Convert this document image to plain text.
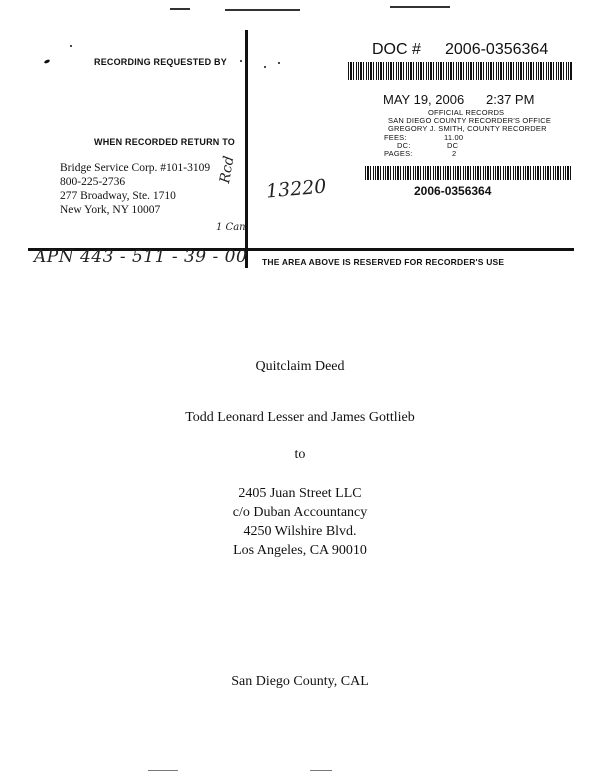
RECORDING REQUESTED BY
WHEN RECORDED RETURN TO
Bridge Service Corp. #101-3109
800-225-2736
277 Broadway, Ste. 1710
New York, NY 10007
Rcd
1 Can
13220
APN 443 - 511 - 39 - 00
DOC # 2006-0356364
MAY 19, 2006 2:37 PM
OFFICIAL RECORDS
SAN DIEGO COUNTY RECORDER'S OFFICE
GREGORY J. SMITH, COUNTY RECORDER
FEES:	11.00
DC:	DC
PAGES:	2
2006-0356364
THE AREA ABOVE IS RESERVED FOR RECORDER'S USE
Quitclaim Deed
Todd Leonard Lesser and James Gottlieb
to
2405 Juan Street LLC
c/o Duban Accountancy
4250 Wilshire Blvd.
Los Angeles, CA 90010
San Diego County, CAL
